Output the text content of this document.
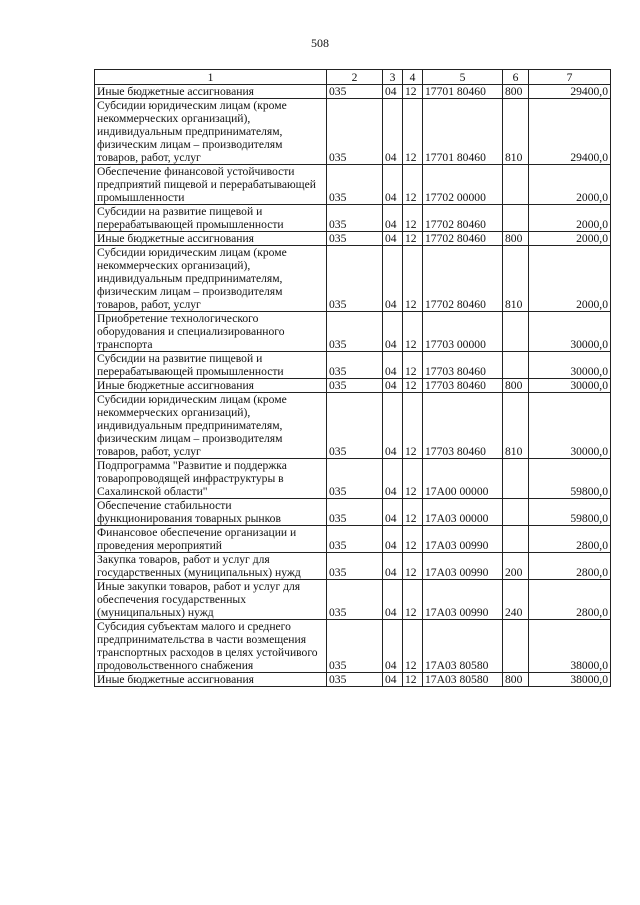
508
1	2	3	4	5	6	7
Иные бюджетные ассигнования	035	04	12	17701 80460	800	29400,0
Субсидии юридическим лицам (кроме некоммерческих организаций), индивидуальным предпринимателям, физическим лицам – производителям товаров, работ, услуг	035	04	12	17701 80460	810	29400,0
Обеспечение финансовой устойчивости предприятий пищевой и перерабатывающей промышленности	035	04	12	17702 00000		2000,0
Субсидии на развитие пищевой и перерабатывающей промышленности	035	04	12	17702 80460		2000,0
Иные бюджетные ассигнования	035	04	12	17702 80460	800	2000,0
Субсидии юридическим лицам (кроме некоммерческих организаций), индивидуальным предпринимателям, физическим лицам – производителям товаров, работ, услуг	035	04	12	17702 80460	810	2000,0
Приобретение технологического оборудования и специализированного транспорта	035	04	12	17703 00000		30000,0
Субсидии на развитие пищевой и перерабатывающей промышленности	035	04	12	17703 80460		30000,0
Иные бюджетные ассигнования	035	04	12	17703 80460	800	30000,0
Субсидии юридическим лицам (кроме некоммерческих организаций), индивидуальным предпринимателям, физическим лицам – производителям товаров, работ, услуг	035	04	12	17703 80460	810	30000,0
Подпрограмма "Развитие и поддержка товаропроводящей инфраструктуры в Сахалинской области"	035	04	12	17А00 00000		59800,0
Обеспечение стабильности функционирования товарных рынков	035	04	12	17А03 00000		59800,0
Финансовое обеспечение организации и проведения мероприятий	035	04	12	17А03 00990		2800,0
Закупка товаров, работ и услуг для государственных (муниципальных) нужд	035	04	12	17А03 00990	200	2800,0
Иные закупки товаров, работ и услуг для обеспечения государственных (муниципальных) нужд	035	04	12	17А03 00990	240	2800,0
Субсидия субъектам малого и среднего предпринимательства в части возмещения транспортных расходов в целях устойчивого продовольственного снабжения	035	04	12	17А03 80580		38000,0
Иные бюджетные ассигнования	035	04	12	17А03 80580	800	38000,0
